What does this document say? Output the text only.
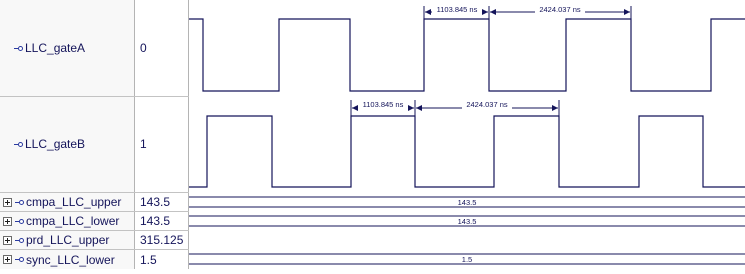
LLC_gateA
LLC_gateB
cmpa_LLC_upper
cmpa_LLC_lower
prd_LLC_upper
sync_LLC_lower
0
1
143.5
143.5
315.125
1.5
1103.845 ns	2424.037 ns
1103.845 ns	2424.037 ns
143.5
143.5
1.5
